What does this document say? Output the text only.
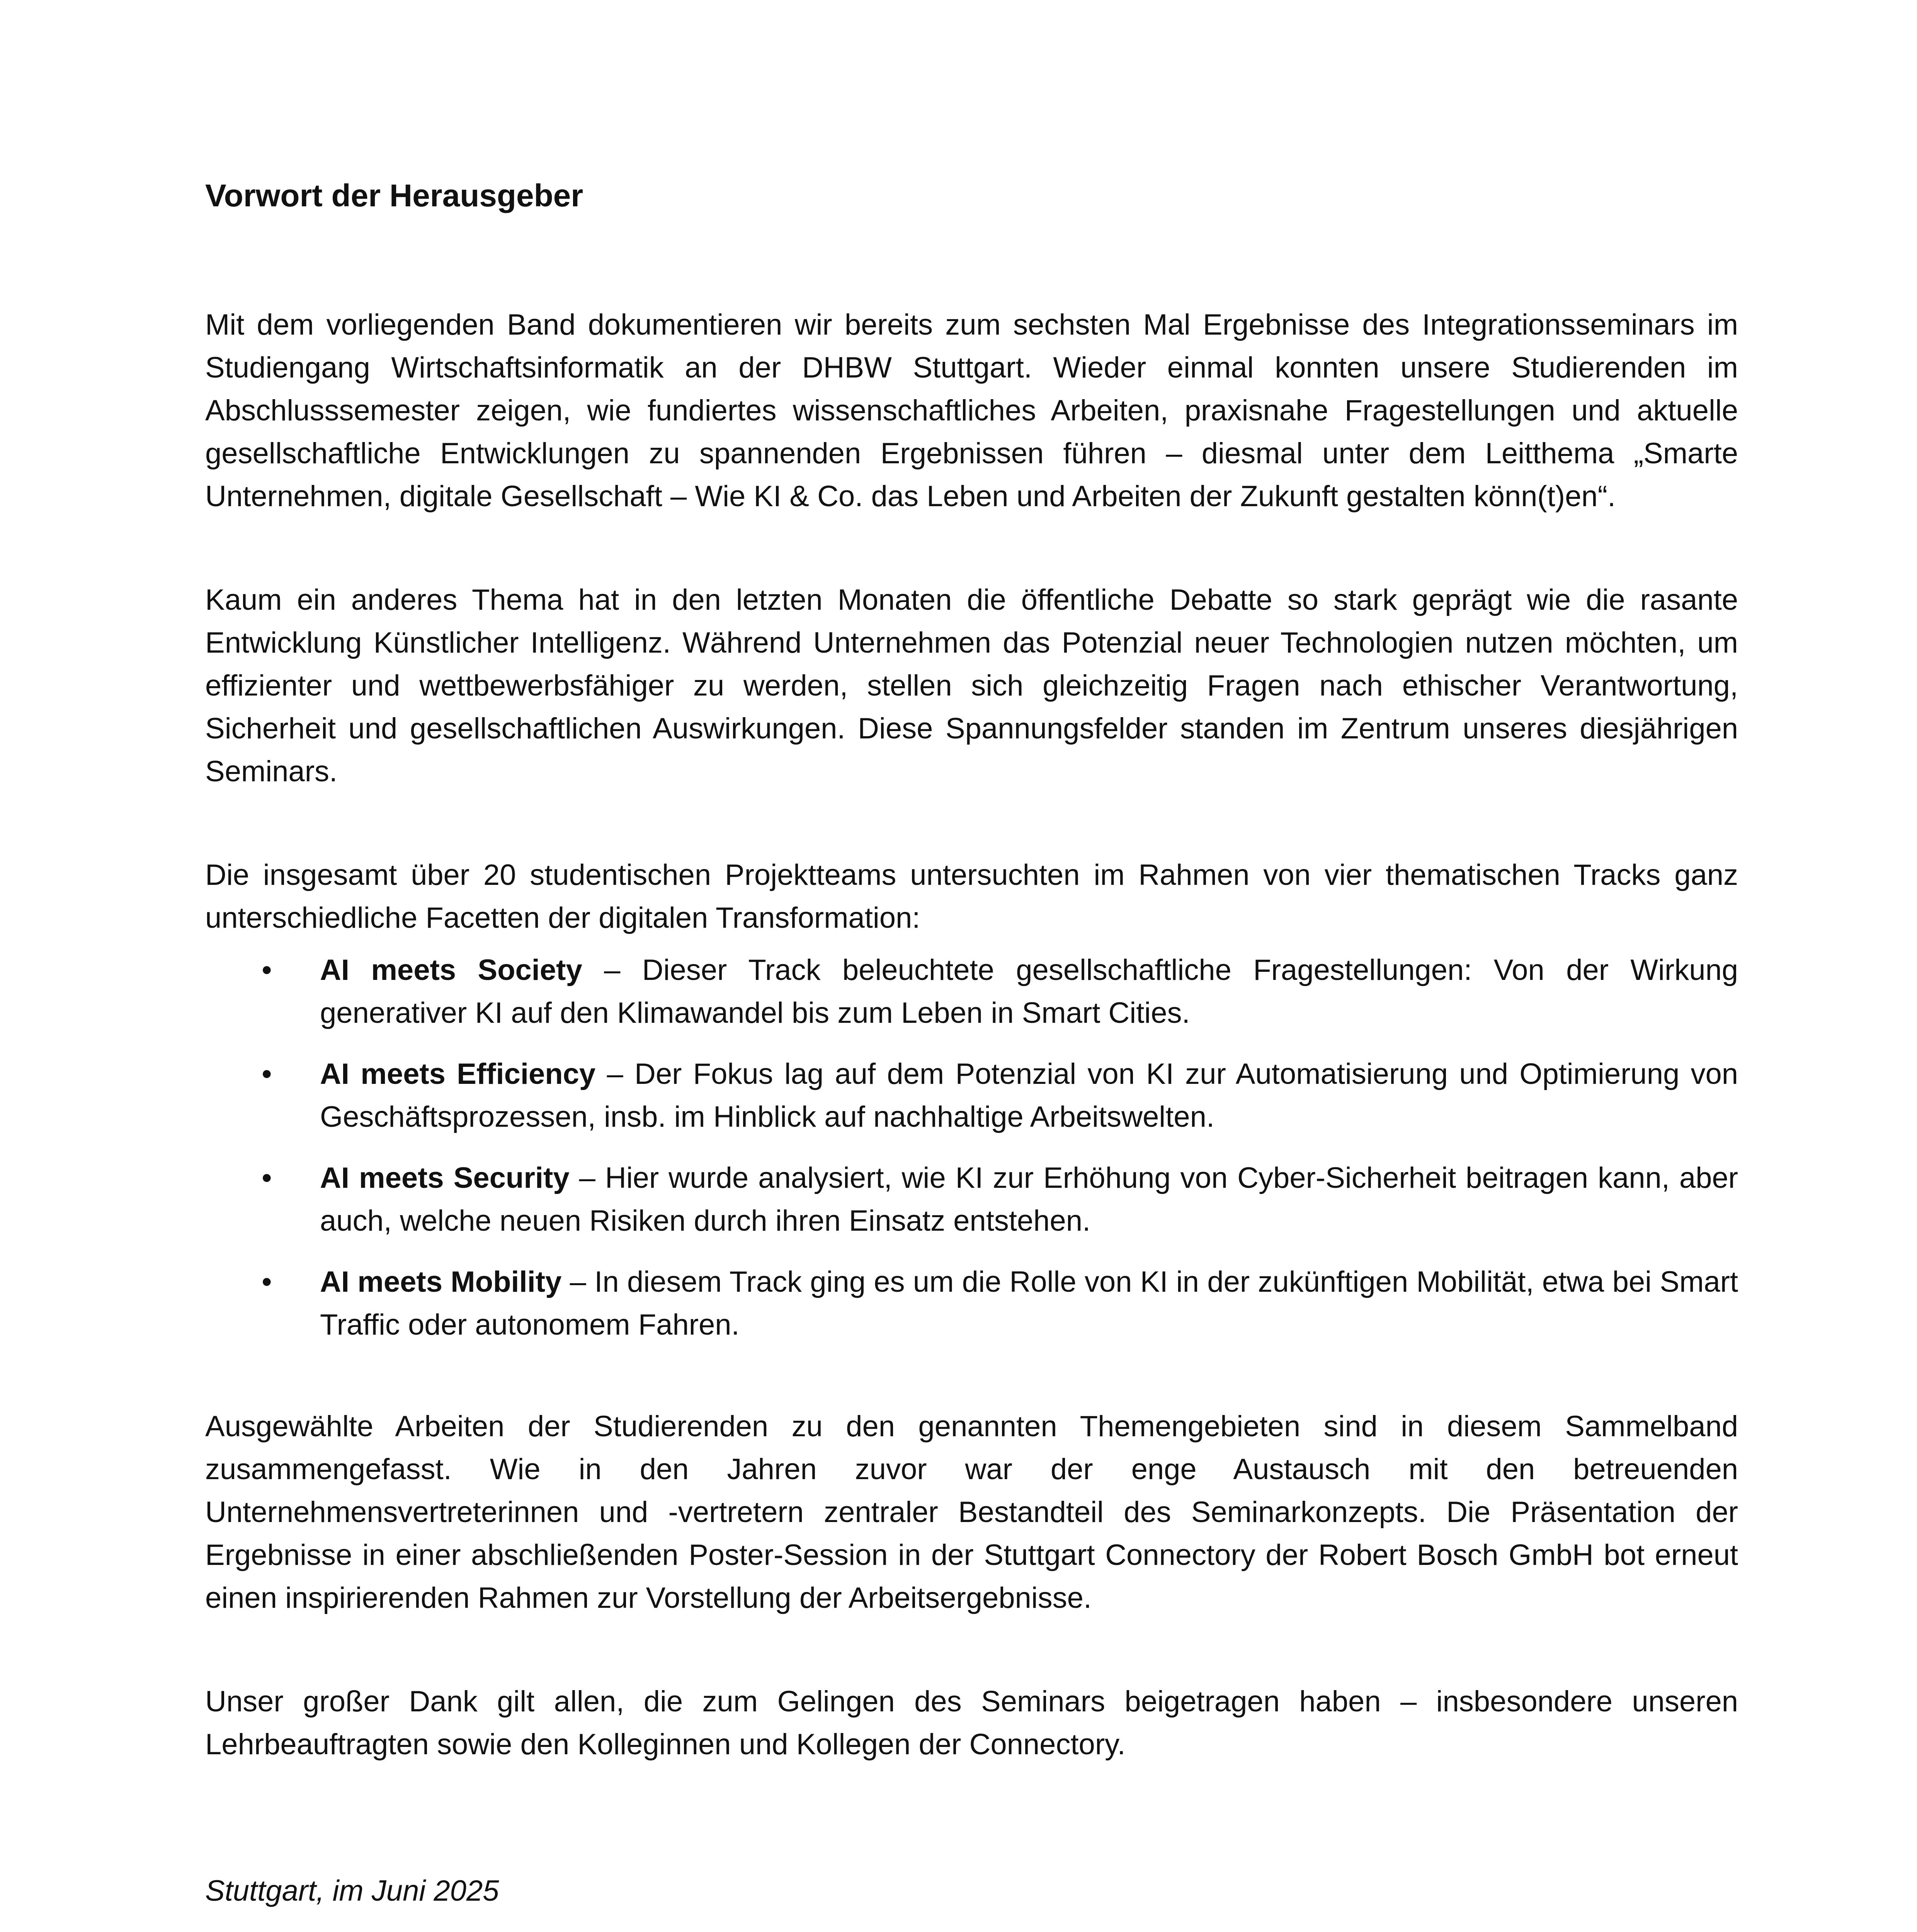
Vorwort der Herausgeber

Mit dem vorliegenden Band dokumentieren wir bereits zum sechsten Mal Ergebnisse des Integrationsseminars im Studiengang Wirtschaftsinformatik an der DHBW Stuttgart. Wieder einmal konnten unsere Studierenden im Abschlusssemester zeigen, wie fundiertes wissenschaftliches Arbeiten, praxisnahe Fragestellungen und aktuelle gesellschaftliche Entwicklungen zu spannenden Ergebnissen führen – diesmal unter dem Leitthema „Smarte Unternehmen, digitale Gesellschaft – Wie KI & Co. das Leben und Arbeiten der Zukunft gestalten könn(t)en“.

Kaum ein anderes Thema hat in den letzten Monaten die öffentliche Debatte so stark geprägt wie die rasante Entwicklung Künstlicher Intelligenz. Während Unternehmen das Potenzial neuer Technologien nutzen möchten, um effizienter und wettbewerbsfähiger zu werden, stellen sich gleichzeitig Fragen nach ethischer Verantwortung, Sicherheit und gesellschaftlichen Auswirkungen. Diese Spannungsfelder standen im Zentrum unseres diesjährigen Seminars.

Die insgesamt über 20 studentischen Projektteams untersuchten im Rahmen von vier thematischen Tracks ganz unterschiedliche Facetten der digitalen Transformation:

• AI meets Society – Dieser Track beleuchtete gesellschaftliche Fragestellungen: Von der Wirkung generativer KI auf den Klimawandel bis zum Leben in Smart Cities.
• AI meets Efficiency – Der Fokus lag auf dem Potenzial von KI zur Automatisierung und Optimierung von Geschäftsprozessen, insb. im Hinblick auf nachhaltige Arbeitswelten.
• AI meets Security – Hier wurde analysiert, wie KI zur Erhöhung von Cyber-Sicherheit beitragen kann, aber auch, welche neuen Risiken durch ihren Einsatz entstehen.
• AI meets Mobility – In diesem Track ging es um die Rolle von KI in der zukünftigen Mobilität, etwa bei Smart Traffic oder autonomem Fahren.

Ausgewählte Arbeiten der Studierenden zu den genannten Themengebieten sind in diesem Sammelband zusammengefasst. Wie in den Jahren zuvor war der enge Austausch mit den betreuenden Unternehmensvertreterinnen und -vertretern zentraler Bestandteil des Seminarkonzepts. Die Präsentation der Ergebnisse in einer abschließenden Poster-Session in der Stuttgart Connectory der Robert Bosch GmbH bot erneut einen inspirierenden Rahmen zur Vorstellung der Arbeitsergebnisse.

Unser großer Dank gilt allen, die zum Gelingen des Seminars beigetragen haben – insbesondere unseren Lehrbeauftragten sowie den Kolleginnen und Kollegen der Connectory.

Stuttgart, im Juni 2025
